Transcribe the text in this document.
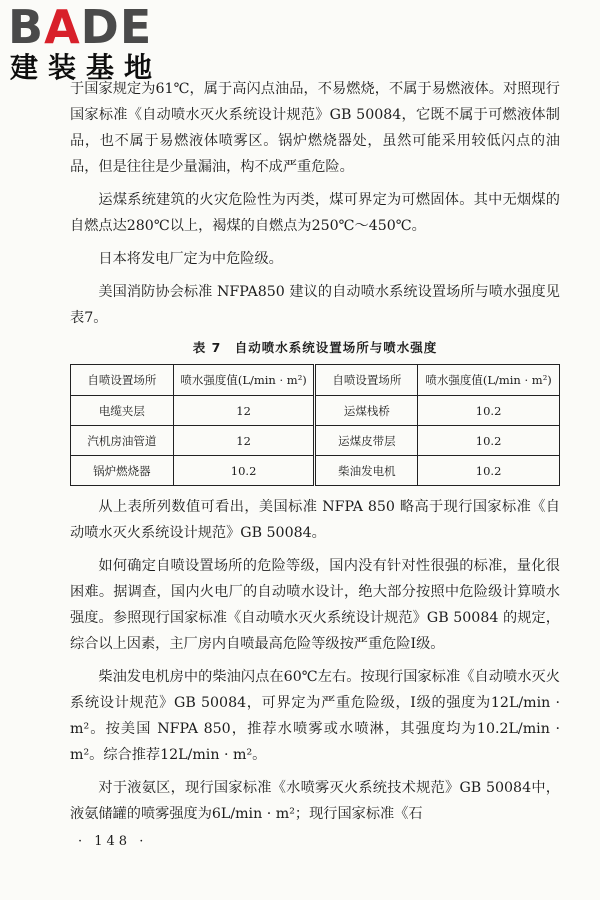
BADE
建装基地

于国家规定为61℃，属于高闪点油品，不易燃烧，不属于易燃液体。对照现行国家标准《自动喷水灭火系统设计规范》GB 50084，它既不属于可燃液体制品，也不属于易燃液体喷雾区。锅炉燃烧器处，虽然可能采用较低闪点的油品，但是往往是少量漏油，构不成严重危险。

运煤系统建筑的火灾危险性为丙类，煤可界定为可燃固体。其中无烟煤的自燃点达280℃以上，褐煤的自燃点为250℃～450℃。

日本将发电厂定为中危险级。

美国消防协会标准 NFPA850 建议的自动喷水系统设置场所与喷水强度见表7。

表 7　自动喷水系统设置场所与喷水强度
自喷设置场所	喷水强度值(L/min · m²)	自喷设置场所	喷水强度值(L/min · m²)
电缆夹层	12	运煤栈桥	10.2
汽机房油管道	12	运煤皮带层	10.2
锅炉燃烧器	10.2	柴油发电机	10.2

从上表所列数值可看出，美国标准 NFPA 850 略高于现行国家标准《自动喷水灭火系统设计规范》GB 50084。

如何确定自喷设置场所的危险等级，国内没有针对性很强的标准，量化很困难。据调查，国内火电厂的自动喷水设计，绝大部分按照中危险级计算喷水强度。参照现行国家标准《自动喷水灭火系统设计规范》GB 50084 的规定，综合以上因素，主厂房内自喷最高危险等级按严重危险Ⅰ级。

柴油发电机房中的柴油闪点在60℃左右。按现行国家标准《自动喷水灭火系统设计规范》GB 50084，可界定为严重危险级，Ⅰ级的强度为12L/min · m²。按美国 NFPA 850，推荐水喷雾或水喷淋，其强度均为10.2L/min · m²。综合推荐12L/min · m²。

对于液氨区，现行国家标准《水喷雾灭火系统技术规范》GB 50084中，液氨储罐的喷雾强度为6L/min · m²；现行国家标准《石

· 148 ·
